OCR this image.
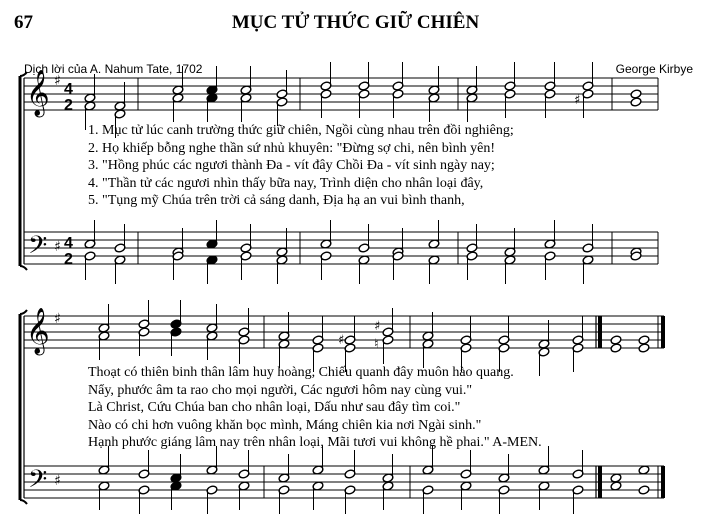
67	MỤC TỬ THỨC GIỮ CHIÊN
Dịch lời của A. Nahum Tate, 1702	George Kirbye
𝄞
𝄢
♯
♯
4
2
4
2
𝄞
𝄢
♯
♯
♯
♯ ♮
♯
1. Mục tử lúc canh trường thức giữ chiên, Ngồi cùng nhau trên đồi nghiêng;
2. Họ khiếp bỗng nghe thần sứ nhủ khuyên: "Đừng sợ chi, nên bình yên!
3. "Hồng phúc các ngươi thành Đa - vít đây Chồi Đa - vít sinh ngày nay;
4. "Thần tử các ngươi nhìn thấy bữa nay, Trình diện cho nhân loại đây,
5. "Tụng mỹ Chúa trên trời cả sáng danh, Địa hạ an vui bình thanh,
Thoạt có thiên binh thân lâm huy hoàng, Chiếu quanh đây muôn hào quang.
Nẩy, phước âm ta rao cho mọi người, Các ngươi hôm nay cùng vui."
Là Christ, Cứu Chúa ban cho nhân loại, Dấu như sau đây tìm coi."
Nào có chi hơn vuông khăn bọc mình, Máng chiên kia nơi Ngài sinh."
Hạnh phước giáng lâm nay trên nhân loại, Mãi tươi vui không hề phai." A-MEN.
